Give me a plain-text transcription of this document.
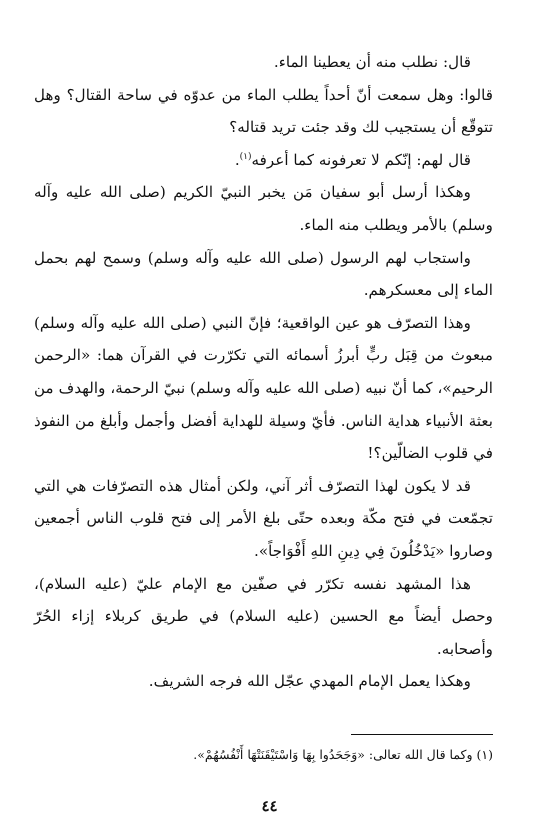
قال: نطلب منه أن يعطينا الماء.

قالوا: وهل سمعت أنّ أحداً يطلب الماء من عدوّه في ساحة القتال؟ وهل تتوقّع أن يستجيب لك وقد جئت تريد قتاله؟

قال لهم: إنّكم لا تعرفونه كما أعرفه$^{(١)}$.

وهكذا أرسل أبو سفيان مَن يخبر النبيّ الكريم (صلى الله عليه وآله وسلم) بالأمر ويطلب منه الماء.

واستجاب لهم الرسول (صلى الله عليه وآله وسلم) وسمح لهم بحمل الماء إلى معسكرهم.

وهذا التصرّف هو عين الواقعية؛ فإنّ النبي (صلى الله عليه وآله وسلم) مبعوث من قِبَل ربٍّ أبرزُ أسمائه التي تكرّرت في القرآن هما: «الرحمن الرحيم»، كما أنّ نبيه (صلى الله عليه وآله وسلم) نبيّ الرحمة، والهدف من بعثة الأنبياء هداية الناس. فأيّ وسيلة للهداية أفضل وأجمل وأبلغ من النفوذ في قلوب الضالّين؟!

قد لا يكون لهذا التصرّف أثر آني، ولكن أمثال هذه التصرّفات هي التي تجمّعت في فتح مكّة وبعده حتّى بلغ الأمر إلى فتح قلوب الناس أجمعين وصاروا «يَدْخُلُونَ فِي دِينِ اللهِ أَفْوَاجاً».

هذا المشهد نفسه تكرّر في صفّين مع الإمام عليّ (عليه السلام)، وحصل أيضاً مع الحسين (عليه السلام) في طريق كربلاء إزاء الحُرّ وأصحابه.

وهكذا يعمل الإمام المهدي عجّل الله فرجه الشريف.

(١) وكما قال الله تعالى: «وَجَحَدُوا بِهَا وَاسْتَيْقَنَتْهَا أَنْفُسُهُمْ».
٤٤
